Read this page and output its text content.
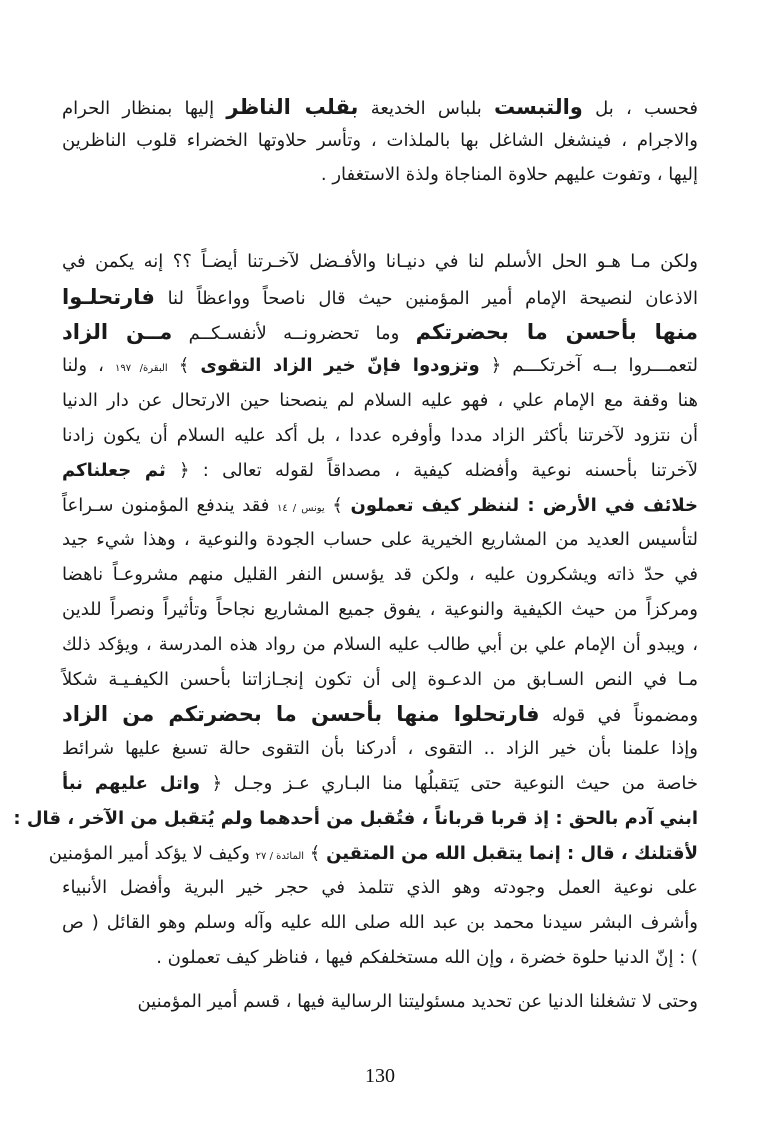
فحسب ، بل والتبست بلباس الخديعة بقلب الناظر إليها بمنظار الحرام
والاجرام ، فينشغل الشاغل بها بالملذات ، وتأسر حلاوتها الخضراء قلوب الناظرين
إليها ، وتفوت عليهم حلاوة المناجاة ولذة الاستغفار .
ولكن مـا هـو الحل الأسلم لنا في دنيـانا والأفـضل لآخـرتنا أيضـاً ؟؟ إنه يكمن في
الاذعان لنصيحة الإمام أمير المؤمنين حيث قال ناصحاً وواعظاً لنا فارتحلـوا
منها بأحسن ما بحضرتكم وما تحضرونــه لأنفسـكــم مــن الزاد
لتعمـــروا بــه آخرتكـــم ﴿ وتزودوا فإنّ خير الزاد التقوى ﴾ البقرة/ ١٩٧ ، ولنا
هنا وقفة مع الإمام علي ، فهو عليه السلام لم ينصحنا حين الارتحال عن دار الدنيا
أن نتزود لآخرتنا بأكثر الزاد مددا وأوفره عددا ، بل أكد عليه السلام أن يكون زادنا
لآخرتنا بأحسنه نوعية وأفضله كيفية ، مصداقاً لقوله تعالى : ﴿ ثم جعلناكم
خلائف في الأرض : لننظر كيف تعملون ﴾ يونس / ١٤ فقد يندفع المؤمنون سـراعاً
لتأسيس العديد من المشاريع الخيرية على حساب الجودة والنوعية ، وهذا شيء جيد
في حدّ ذاته ويشكرون عليه ، ولكن قد يؤسس النفر القليل منهم مشروعـاً ناهضا
ومركزاً من حيث الكيفية والنوعية ، يفوق جميع المشاريع نجاحاً وتأثيراً ونصراً للدين
، ويبدو أن الإمام علي بن أبي طالب عليه السلام من رواد هذه المدرسة ، ويؤكد ذلك
مـا في النص السـابق من الدعـوة إلى أن تكون إنجـازاتنا بأحسن الكيفـيـة شكلاً
ومضموناً في قوله فارتحلوا منها بأحسن ما بحضرتكم من الزاد
وإذا علمنا بأن خير الزاد .. التقوى ، أدركنا بأن التقوى حالة تسبغ عليها شرائط
خاصة من حيث النوعية حتى يَتقبلُها منا البـاري عـز وجـل ﴿ واتل عليهم نبأ
ابني آدم بالحق : إذ قربا قرباناً ، فتُقبل من أحدهما ولم يُتقبل من الآخر ، قال :
لأقتلنك ، قال : إنما يتقبل الله من المتقين ﴾ المائدة / ٢٧ وكيف لا يؤكد أمير المؤمنين
على نوعية العمل وجودته وهو الذي تتلمذ في حجر خير البرية وأفضل الأنبياء
وأشرف البشر سيدنا محمد بن عبد الله صلى الله عليه وآله وسلم وهو القائل ( ص
) : إنّ الدنيا حلوة خضرة ، وإن الله مستخلفكم فيها ، فناظر كيف تعملون .
وحتى لا تشغلنا الدنيا عن تحديد مسئوليتنا الرسالية فيها ، قسم أمير المؤمنين
130
